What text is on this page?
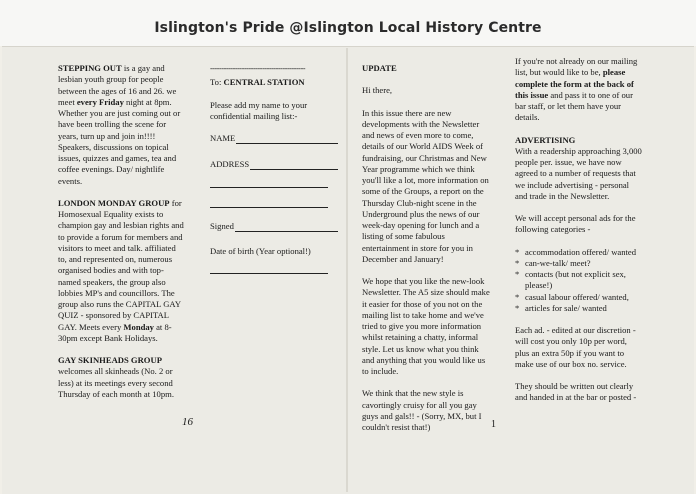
Islington's Pride @Islington Local History Centre

STEPPING OUT is a gay and lesbian youth group for people between the ages of 16 and 26. we meet every Friday night at 8pm. Whether you are just coming out or have been trolling the scene for years, turn up and join in!!!! Speakers, discussions on topical issues, quizzes and games, tea and coffee evenings. Day/ nightlife events.

LONDON MONDAY GROUP for Homosexual Equality exists to champion gay and lesbian rights and to provide a forum for members and visitors to meet and talk. affiliated to, and represented on, numerous organised bodies and with top-named speakers, the group also lobbies MP's and councillors. The group also runs the CAPITAL GAY QUIZ - sponsored by CAPITAL GAY. Meets every Monday at 8-30pm except Bank Holidays.

GAY SKINHEADS GROUP
welcomes all skinheads (No. 2 or less) at its meetings every second Thursday of each month at 10pm.

16
------------------------------------------

To: CENTRAL STATION

Please add my name to your confidential mailing list:-

NAME
ADDRESS
Signed
Date of birth (Year optional!)

UPDATE

Hi there,

In this issue there are new developments with the Newsletter and news of even more to come, details of our World AIDS Week of fundraising, our Christmas and New Year programme which we think you'll like a lot, more information on some of the Groups, a report on the Thursday Club-night scene in the Underground plus the news of our week-day opening for lunch and a listing of some fabulous entertainment in store for you in December and January!

We hope that you like the new-look Newsletter. The A5 size should make it easier for those of you not on the mailing list to take home and we've tried to give you more information whilst retaining a chatty, informal style. Let us know what you think and anything that you would like us to include.

We think that the new style is cavortingly cruisy for all you gay guys and gals!! - (Sorry, MX, but I couldn't resist that!)	1

If you're not already on our mailing list, but would like to be, please complete the form at the back of this issue and pass it to one of our bar staff, or let them have your details.

ADVERTISING
With a readership approaching 3,000 people per. issue, we have now agreed to a number of requests that we include advertising - personal and trade in the Newsletter.

We will accept personal ads for the following categories -

* accommodation offered/ wanted
* can-we-talk/ meet?
* contacts (but not explicit sex, please!)
* casual labour offered/ wanted,
* articles for sale/ wanted

Each ad. - edited at our discretion - will cost you only 10p per word, plus an extra 50p if you want to make use of our box no. service.

They should be written out clearly and handed in at the bar or posted -
